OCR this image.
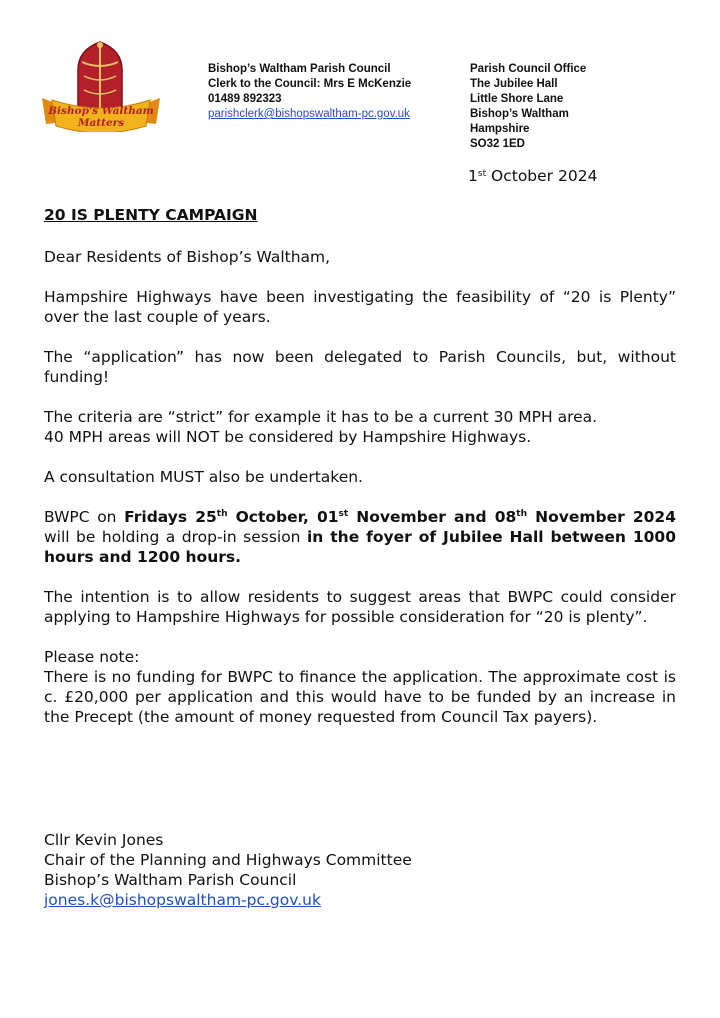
Bishop's Waltham
Matters
Bishop’s Waltham Parish Council
Clerk to the Council: Mrs E McKenzie
01489 892323
parishclerk@bishopswaltham-pc.gov.uk
Parish Council Office
The Jubilee Hall
Little Shore Lane
Bishop’s Waltham
Hampshire
SO32 1ED
1st October 2024

20 IS PLENTY CAMPAIGN

Dear Residents of Bishop’s Waltham,

Hampshire Highways have been investigating the feasibility of “20 is Plenty” over the last couple of years.

The “application” has now been delegated to Parish Councils, but, without funding!

The criteria are “strict” for example it has to be a current 30 MPH area.
40 MPH areas will NOT be considered by Hampshire Highways.

A consultation MUST also be undertaken.

BWPC on Fridays 25th October, 01st November and 08th November 2024 will be holding a drop-in session in the foyer of Jubilee Hall between 1000 hours and 1200 hours.

The intention is to allow residents to suggest areas that BWPC could consider applying to Hampshire Highways for possible consideration for “20 is plenty”.

Please note:
There is no funding for BWPC to finance the application. The approximate cost is c. £20,000 per application and this would have to be funded by an increase in the Precept (the amount of money requested from Council Tax payers).

Cllr Kevin Jones
Chair of the Planning and Highways Committee
Bishop’s Waltham Parish Council
jones.k@bishopswaltham-pc.gov.uk
